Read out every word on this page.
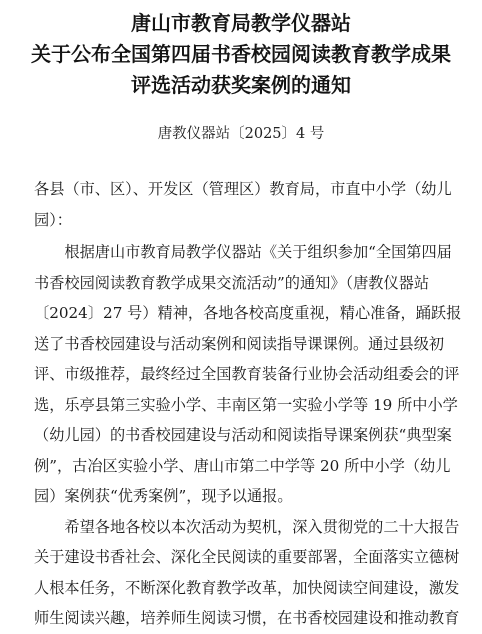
唐山市教育局教学仪器站
关于公布全国第四届书香校园阅读教育教学成果
评选活动获奖案例的通知
唐教仪器站〔2025〕4 号
各县（市、区）、开发区（管理区）教育局，市直中小学（幼儿
园）：
　　根据唐山市教育局教学仪器站《关于组织参加“全国第四届
书香校园阅读教育教学成果交流活动”的通知》（唐教仪器站
〔2024〕27 号）精神，各地各校高度重视，精心准备，踊跃报
送了书香校园建设与活动案例和阅读指导课课例。通过县级初
评、市级推荐，最终经过全国教育装备行业协会活动组委会的评
选，乐亭县第三实验小学、丰南区第一实验小学等 19 所中小学
（幼儿园）的书香校园建设与活动和阅读指导课案例获“典型案
例”，古冶区实验小学、唐山市第二中学等 20 所中小学（幼儿
园）案例获“优秀案例”，现予以通报。
　　希望各地各校以本次活动为契机，深入贯彻党的二十大报告
关于建设书香社会、深化全民阅读的重要部署，全面落实立德树
人根本任务，不断深化教育教学改革，加快阅读空间建设，激发
师生阅读兴趣，培养师生阅读习惯，在书香校园建设和推动教育
